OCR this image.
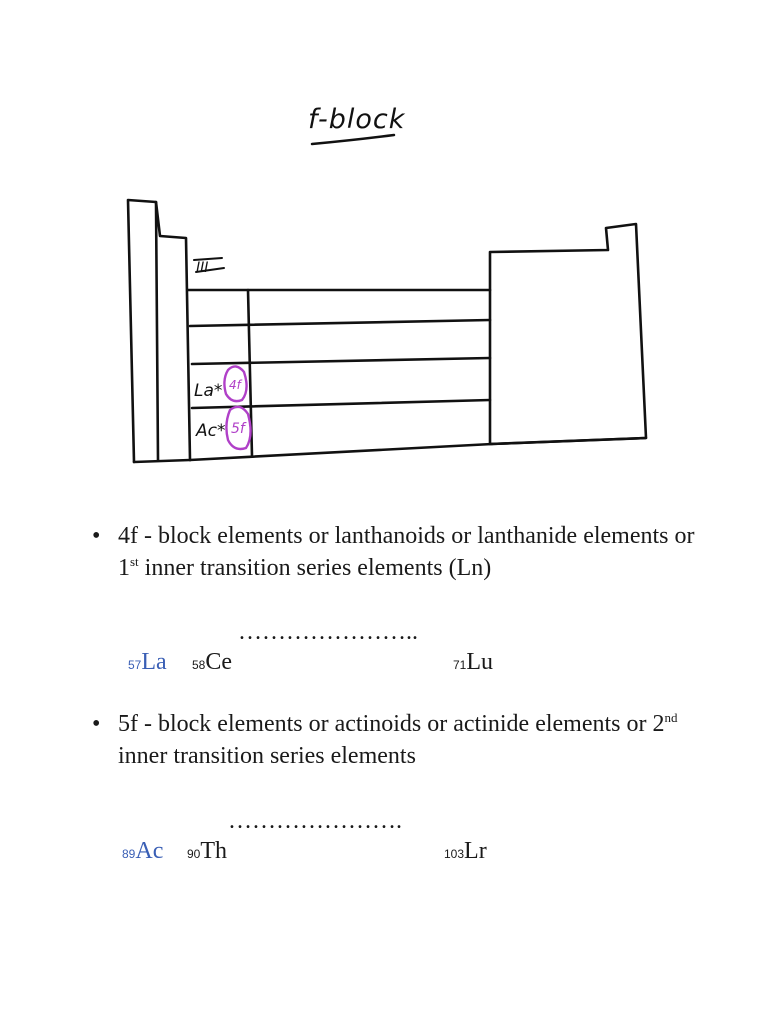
f-block
III
La* 4f
Ac* 5f
• 4f - block elements or lanthanoids or lanthanide elements or 1st inner transition series elements (Ln)

57La	58Ce

…………………..

71Lu

• 5f - block elements or actinoids or actinide elements or 2nd inner transition series elements

89Ac	90Th

………………….

103Lr
